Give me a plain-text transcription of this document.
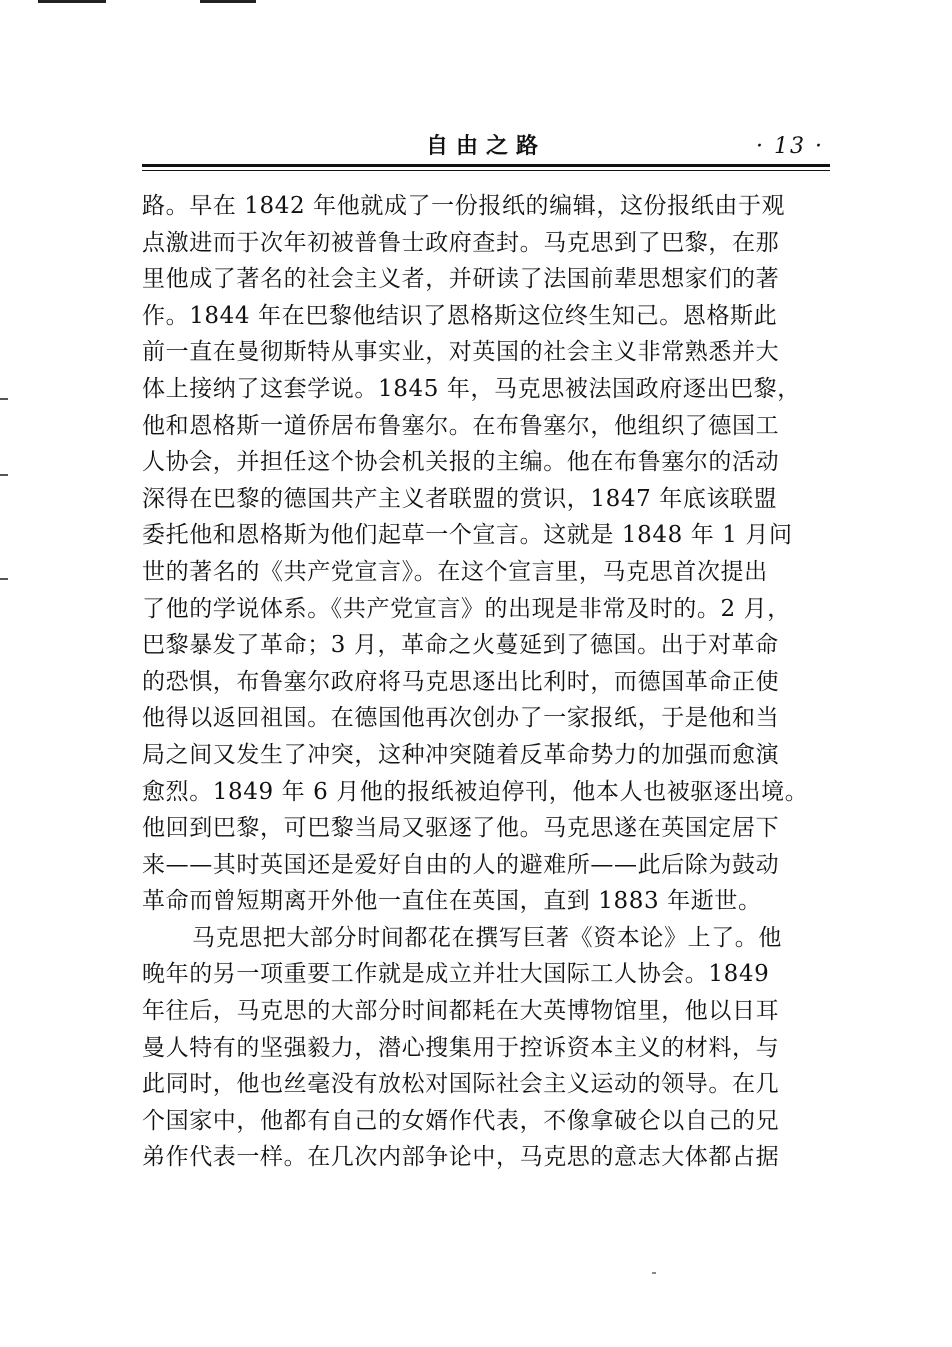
自由之路	· 13 ·
路。早在 1842 年他就成了一份报纸的编辑，这份报纸由于观
点激进而于次年初被普鲁士政府查封。马克思到了巴黎，在那
里他成了著名的社会主义者，并研读了法国前辈思想家们的著
作。1844 年在巴黎他结识了恩格斯这位终生知己。恩格斯此
前一直在曼彻斯特从事实业，对英国的社会主义非常熟悉并大
体上接纳了这套学说。1845 年，马克思被法国政府逐出巴黎，
他和恩格斯一道侨居布鲁塞尔。在布鲁塞尔，他组织了德国工
人协会，并担任这个协会机关报的主编。他在布鲁塞尔的活动
深得在巴黎的德国共产主义者联盟的赏识，1847 年底该联盟
委托他和恩格斯为他们起草一个宣言。这就是 1848 年 1 月问
世的著名的《共产党宣言》。在这个宣言里，马克思首次提出
了他的学说体系。《共产党宣言》的出现是非常及时的。2 月，
巴黎暴发了革命；3 月，革命之火蔓延到了德国。出于对革命
的恐惧，布鲁塞尔政府将马克思逐出比利时，而德国革命正使
他得以返回祖国。在德国他再次创办了一家报纸，于是他和当
局之间又发生了冲突，这种冲突随着反革命势力的加强而愈演
愈烈。1849 年 6 月他的报纸被迫停刊，他本人也被驱逐出境。
他回到巴黎，可巴黎当局又驱逐了他。马克思遂在英国定居下
来——其时英国还是爱好自由的人的避难所——此后除为鼓动
革命而曾短期离开外他一直住在英国，直到 1883 年逝世。
马克思把大部分时间都花在撰写巨著《资本论》上了。他
晚年的另一项重要工作就是成立并壮大国际工人协会。1849
年往后，马克思的大部分时间都耗在大英博物馆里，他以日耳
曼人特有的坚强毅力，潜心搜集用于控诉资本主义的材料，与
此同时，他也丝毫没有放松对国际社会主义运动的领导。在几
个国家中，他都有自己的女婿作代表，不像拿破仑以自己的兄
弟作代表一样。在几次内部争论中，马克思的意志大体都占据
